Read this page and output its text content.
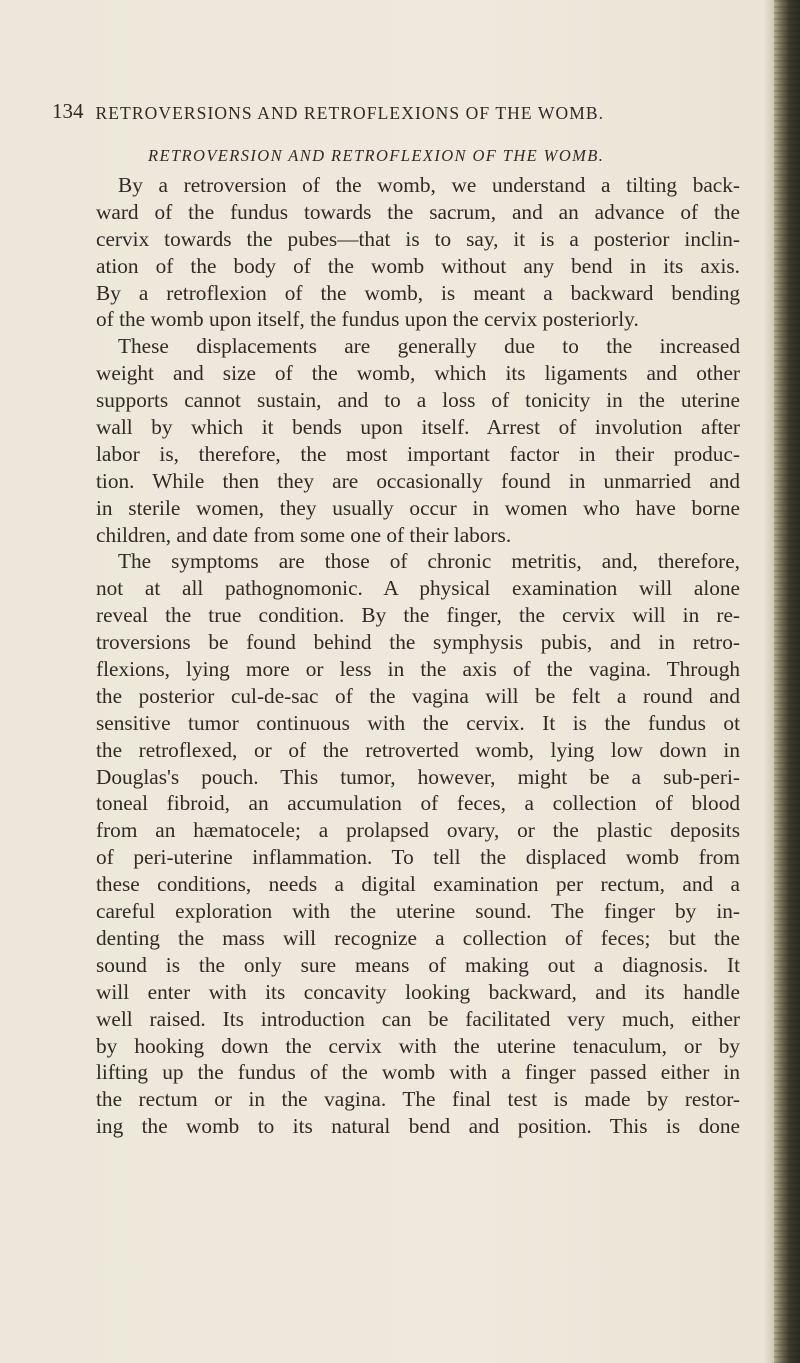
134 RETROVERSIONS AND RETROFLEXIONS OF THE WOMB.
RETROVERSION AND RETROFLEXION OF THE WOMB.
By a retroversion of the womb, we understand a tilting back-
ward of the fundus towards the sacrum, and an advance of the
cervix towards the pubes—that is to say, it is a posterior inclin-
ation of the body of the womb without any bend in its axis.
By a retroflexion of the womb, is meant a backward bending
of the womb upon itself, the fundus upon the cervix posteriorly.
These displacements are generally due to the increased
weight and size of the womb, which its ligaments and other
supports cannot sustain, and to a loss of tonicity in the uterine
wall by which it bends upon itself. Arrest of involution after
labor is, therefore, the most important factor in their produc-
tion. While then they are occasionally found in unmarried and
in sterile women, they usually occur in women who have borne
children, and date from some one of their labors.
The symptoms are those of chronic metritis, and, therefore,
not at all pathognomonic. A physical examination will alone
reveal the true condition. By the finger, the cervix will in re-
troversions be found behind the symphysis pubis, and in retro-
flexions, lying more or less in the axis of the vagina. Through
the posterior cul-de-sac of the vagina will be felt a round and
sensitive tumor continuous with the cervix. It is the fundus ot
the retroflexed, or of the retroverted womb, lying low down in
Douglas's pouch. This tumor, however, might be a sub-peri-
toneal fibroid, an accumulation of feces, a collection of blood
from an hæmatocele; a prolapsed ovary, or the plastic deposits
of peri-uterine inflammation. To tell the displaced womb from
these conditions, needs a digital examination per rectum, and a
careful exploration with the uterine sound. The finger by in-
denting the mass will recognize a collection of feces; but the
sound is the only sure means of making out a diagnosis. It
will enter with its concavity looking backward, and its handle
well raised. Its introduction can be facilitated very much, either
by hooking down the cervix with the uterine tenaculum, or by
lifting up the fundus of the womb with a finger passed either in
the rectum or in the vagina. The final test is made by restor-
ing the womb to its natural bend and position. This is done
